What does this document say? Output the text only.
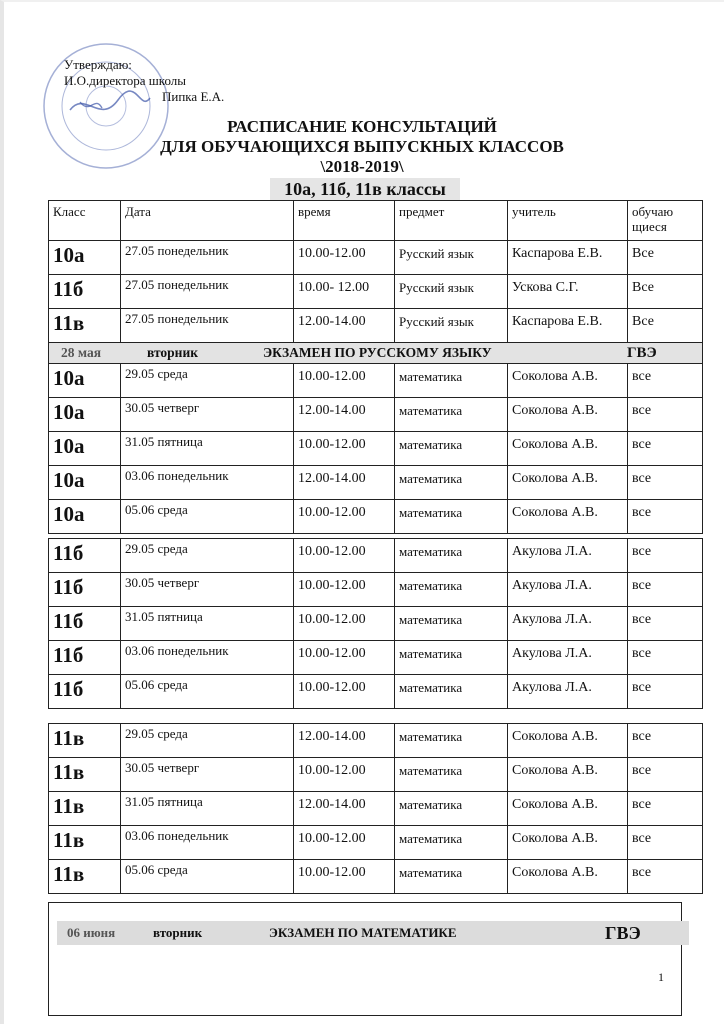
Утверждаю:
И.О.директора школы
Пипка Е.А.
РАСПИСАНИЕ КОНСУЛЬТАЦИЙ
ДЛЯ ОБУЧАЮЩИХСЯ ВЫПУСКНЫХ КЛАССОВ
\2018-2019\
10а, 11б, 11в классы
Класс	Дата	время	предмет	учитель	обучаю
щиеся
10а	27.05 понедельник	10.00-12.00	Русский язык	Каспарова Е.В.	Все
11б	27.05 понедельник	10.00- 12.00	Русский язык	Ускова С.Г.	Все
11в	27.05 понедельник	12.00-14.00	Русский язык	Каспарова Е.В.	Все

28 мая вторник ЭКЗАМЕН ПО РУССКОМУ ЯЗЫКУ ГВЭ					

10а	29.05 среда	10.00-12.00	математика	Соколова А.В.	все
10а	30.05 четверг	12.00-14.00	математика	Соколова А.В.	все
10а	31.05 пятница	10.00-12.00	математика	Соколова А.В.	все
10а	03.06 понедельник	12.00-14.00	математика	Соколова А.В.	все
10а	05.06 среда	10.00-12.00	математика	Соколова А.В.	все
11б	29.05 среда	10.00-12.00	математика	Акулова Л.А.	все
11б	30.05 четверг	10.00-12.00	математика	Акулова Л.А.	все
11б	31.05 пятница	10.00-12.00	математика	Акулова Л.А.	все
11б	03.06 понедельник	10.00-12.00	математика	Акулова Л.А.	все
11б	05.06 среда	10.00-12.00	математика	Акулова Л.А.	все
11в	29.05 среда	12.00-14.00	математика	Соколова А.В.	все
11в	30.05 четверг	10.00-12.00	математика	Соколова А.В.	все
11в	31.05 пятница	12.00-14.00	математика	Соколова А.В.	все
11в	03.06 понедельник	10.00-12.00	математика	Соколова А.В.	все
11в	05.06 среда	10.00-12.00	математика	Соколова А.В.	все
06 июня	вторник	ЭКЗАМЕН ПО МАТЕМАТИКЕ	ГВЭ
1
